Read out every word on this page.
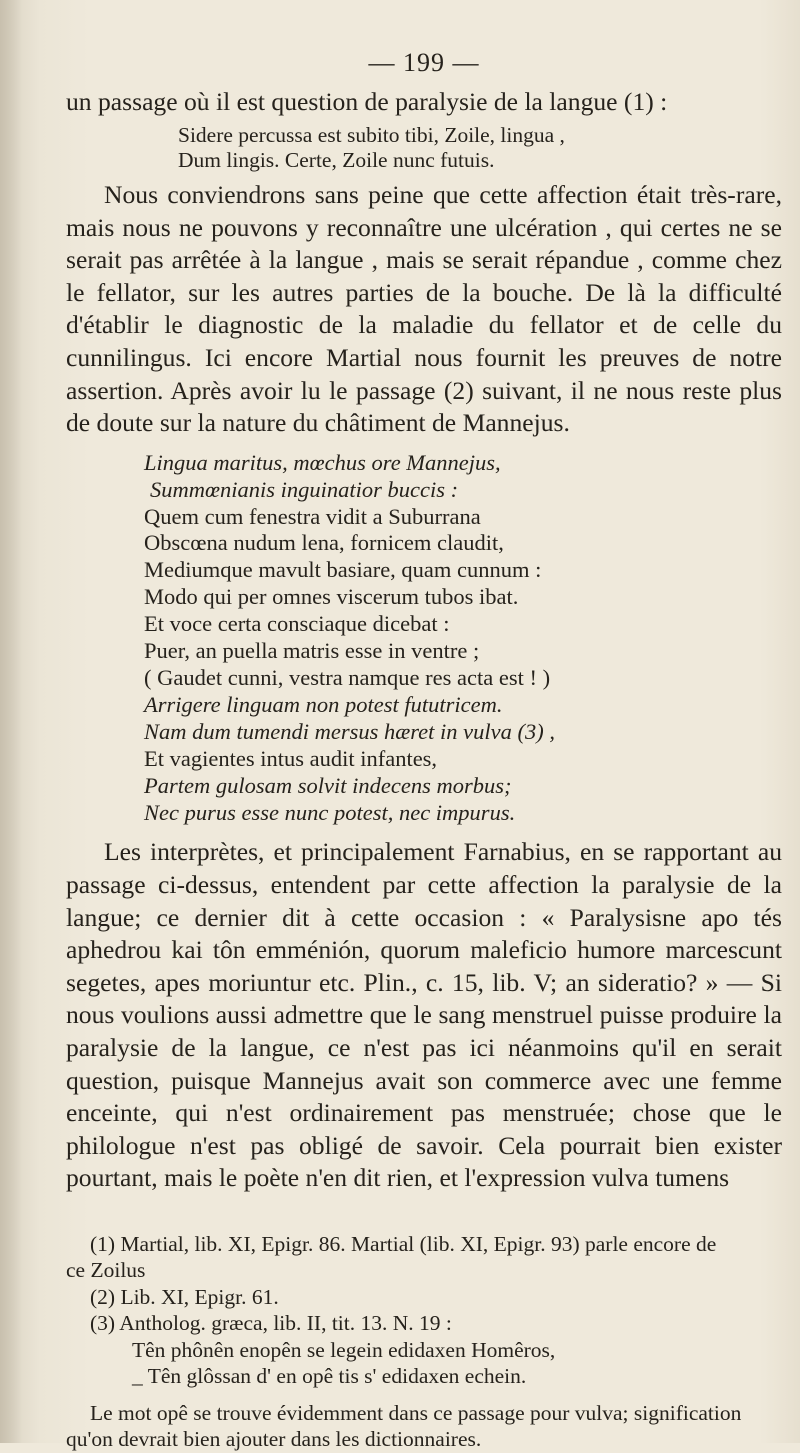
— 199 —

un passage où il est question de paralysie de la langue (1) :

Sidere percussa est subito tibi, Zoile, lingua ,
Dum lingis. Certe, Zoile nunc futuis.

Nous conviendrons sans peine que cette affection était très-rare, mais nous ne pouvons y reconnaître une ulcération , qui certes ne se serait pas arrêtée à la langue , mais se serait répandue , comme chez le fellator, sur les autres parties de la bouche. De là la difficulté d'établir le diagnostic de la maladie du fellator et de celle du cunnilingus. Ici encore Martial nous fournit les preuves de notre assertion. Après avoir lu le passage (2) suivant, il ne nous reste plus de doute sur la nature du châtiment de Mannejus.

Lingua maritus, mœchus ore Mannejus,
Summœnianis inguinatior buccis :
Quem cum fenestra vidit a Suburrana
Obscœna nudum lena, fornicem claudit,
Mediumque mavult basiare, quam cunnum :
Modo qui per omnes viscerum tubos ibat.
Et voce certa consciaque dicebat :
Puer, an puella matris esse in ventre ;
( Gaudet cunni, vestra namque res acta est ! )
Arrigere linguam non potest fututricem.
Nam dum tumendi mersus hæret in vulva (3) ,
Et vagientes intus audit infantes,
Partem gulosam solvit indecens morbus;
Nec purus esse nunc potest, nec impurus.

Les interprètes, et principalement Farnabius, en se rapportant au passage ci-dessus, entendent par cette affection la paralysie de la langue; ce dernier dit à cette occasion : « Paralysisne apo tés aphedrou kai tôn emménión, quorum maleficio humore marcescunt segetes, apes moriuntur etc. Plin., c. 15, lib. V; an sideratio? » — Si nous voulions aussi admettre que le sang menstruel puisse produire la paralysie de la langue, ce n'est pas ici néanmoins qu'il en serait question, puisque Mannejus avait son commerce avec une femme enceinte, qui n'est ordinairement pas menstruée; chose que le philologue n'est pas obligé de savoir. Cela pourrait bien exister pourtant, mais le poète n'en dit rien, et l'expression vulva tumens

(1) Martial, lib. XI, Epigr. 86. Martial (lib. XI, Epigr. 93) parle encore de
ce Zoilus
(2) Lib. XI, Epigr. 61.
(3) Antholog. græca, lib. II, tit. 13. N. 19 :
Tên phônên enopên se legein edidaxen Homêros,
_ Tên glôssan d' en opê tis s' edidaxen echein.
Le mot opê se trouve évidemment dans ce passage pour vulva; signification
qu'on devrait bien ajouter dans les dictionnaires.
